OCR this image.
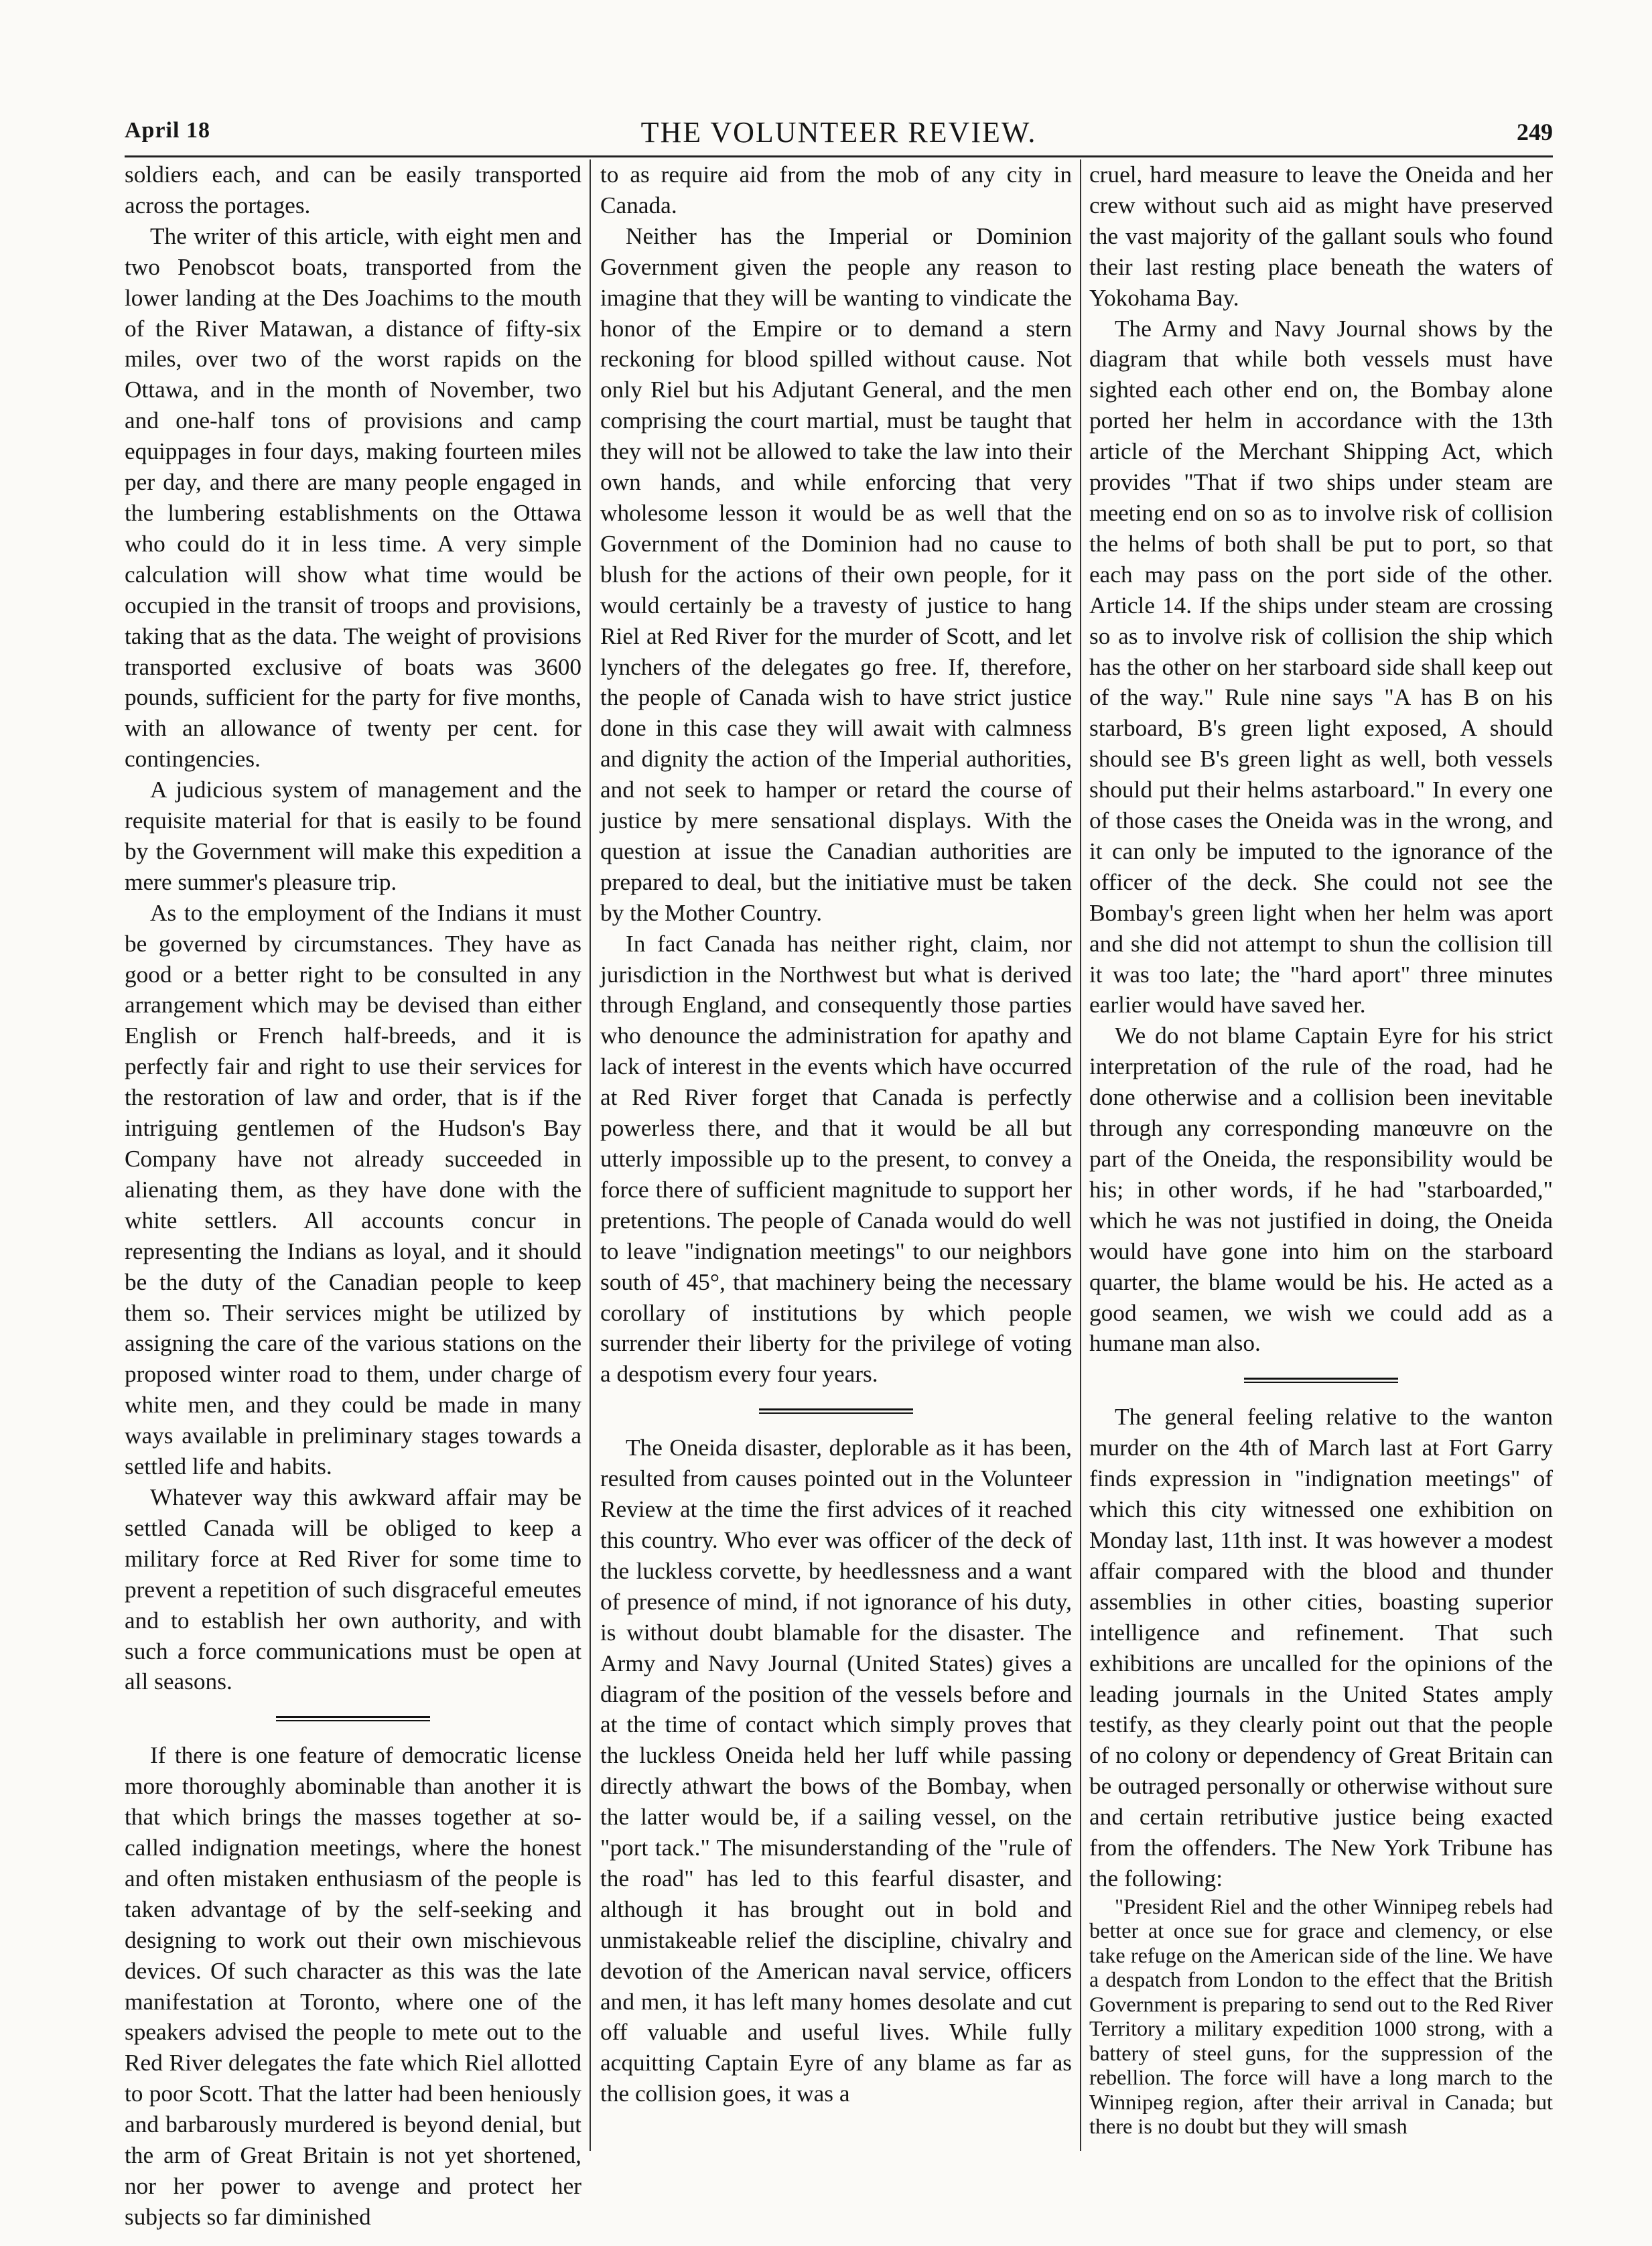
April 18	THE VOLUNTEER REVIEW.	249

soldiers each, and can be easily transported across the portages.

The writer of this article, with eight men and two Penobscot boats, transported from the lower landing at the Des Joachims to the mouth of the River Matawan, a distance of fifty-six miles, over two of the worst rapids on the Ottawa, and in the month of November, two and one-half tons of provisions and camp equippages in four days, making fourteen miles per day, and there are many people engaged in the lumbering establishments on the Ottawa who could do it in less time. A very simple calculation will show what time would be occupied in the transit of troops and provisions, taking that as the data. The weight of provisions transported exclusive of boats was 3600 pounds, sufficient for the party for five months, with an allowance of twenty per cent. for contingencies.

A judicious system of management and the requisite material for that is easily to be found by the Government will make this expedition a mere summer's pleasure trip.

As to the employment of the Indians it must be governed by circumstances. They have as good or a better right to be consulted in any arrangement which may be devised than either English or French half-breeds, and it is perfectly fair and right to use their services for the restoration of law and order, that is if the intriguing gentlemen of the Hudson's Bay Company have not already succeeded in alienating them, as they have done with the white settlers. All accounts concur in representing the Indians as loyal, and it should be the duty of the Canadian people to keep them so. Their services might be utilized by assigning the care of the various stations on the proposed winter road to them, under charge of white men, and they could be made in many ways available in preliminary stages towards a settled life and habits.

Whatever way this awkward affair may be settled Canada will be obliged to keep a military force at Red River for some time to prevent a repetition of such disgraceful emeutes and to establish her own authority, and with such a force communications must be open at all seasons.

If there is one feature of democratic license more thoroughly abominable than another it is that which brings the masses together at so-called indignation meetings, where the honest and often mistaken enthusiasm of the people is taken advantage of by the self-seeking and designing to work out their own mischievous devices. Of such character as this was the late manifestation at Toronto, where one of the speakers advised the people to mete out to the Red River delegates the fate which Riel allotted to poor Scott. That the latter had been heniously and barbarously murdered is beyond denial, but the arm of Great Britain is not yet shortened, nor her power to avenge and protect her subjects so far diminished

to as require aid from the mob of any city in Canada.

Neither has the Imperial or Dominion Government given the people any reason to imagine that they will be wanting to vindicate the honor of the Empire or to demand a stern reckoning for blood spilled without cause. Not only Riel but his Adjutant General, and the men comprising the court martial, must be taught that they will not be allowed to take the law into their own hands, and while enforcing that very wholesome lesson it would be as well that the Government of the Dominion had no cause to blush for the actions of their own people, for it would certainly be a travesty of justice to hang Riel at Red River for the murder of Scott, and let lynchers of the delegates go free. If, therefore, the people of Canada wish to have strict justice done in this case they will await with calmness and dignity the action of the Imperial authorities, and not seek to hamper or retard the course of justice by mere sensational displays. With the question at issue the Canadian authorities are prepared to deal, but the initiative must be taken by the Mother Country.

In fact Canada has neither right, claim, nor jurisdiction in the Northwest but what is derived through England, and consequently those parties who denounce the administration for apathy and lack of interest in the events which have occurred at Red River forget that Canada is perfectly powerless there, and that it would be all but utterly impossible up to the present, to convey a force there of sufficient magnitude to support her pretentions. The people of Canada would do well to leave "indignation meetings" to our neighbors south of 45°, that machinery being the necessary corollary of institutions by which people surrender their liberty for the privilege of voting a despotism every four years.

The Oneida disaster, deplorable as it has been, resulted from causes pointed out in the Volunteer Review at the time the first advices of it reached this country. Who ever was officer of the deck of the luckless corvette, by heedlessness and a want of presence of mind, if not ignorance of his duty, is without doubt blamable for the disaster. The Army and Navy Journal (United States) gives a diagram of the position of the vessels before and at the time of contact which simply proves that the luckless Oneida held her luff while passing directly athwart the bows of the Bombay, when the latter would be, if a sailing vessel, on the "port tack." The misunderstanding of the "rule of the road" has led to this fearful disaster, and although it has brought out in bold and unmistakeable relief the discipline, chivalry and devotion of the American naval service, officers and men, it has left many homes desolate and cut off valuable and useful lives. While fully acquitting Captain Eyre of any blame as far as the collision goes, it was a

cruel, hard measure to leave the Oneida and her crew without such aid as might have preserved the vast majority of the gallant souls who found their last resting place beneath the waters of Yokohama Bay.

The Army and Navy Journal shows by the diagram that while both vessels must have sighted each other end on, the Bombay alone ported her helm in accordance with the 13th article of the Merchant Shipping Act, which provides "That if two ships under steam are meeting end on so as to involve risk of collision the helms of both shall be put to port, so that each may pass on the port side of the other. Article 14. If the ships under steam are crossing so as to involve risk of collision the ship which has the other on her starboard side shall keep out of the way." Rule nine says "A has B on his starboard, B's green light exposed, A should should see B's green light as well, both vessels should put their helms astarboard." In every one of those cases the Oneida was in the wrong, and it can only be imputed to the ignorance of the officer of the deck. She could not see the Bombay's green light when her helm was aport and she did not attempt to shun the collision till it was too late; the "hard aport" three minutes earlier would have saved her.

We do not blame Captain Eyre for his strict interpretation of the rule of the road, had he done otherwise and a collision been inevitable through any corresponding manœuvre on the part of the Oneida, the responsibility would be his; in other words, if he had "starboarded," which he was not justified in doing, the Oneida would have gone into him on the starboard quarter, the blame would be his. He acted as a good seamen, we wish we could add as a humane man also.

The general feeling relative to the wanton murder on the 4th of March last at Fort Garry finds expression in "indignation meetings" of which this city witnessed one exhibition on Monday last, 11th inst. It was however a modest affair compared with the blood and thunder assemblies in other cities, boasting superior intelligence and refinement. That such exhibitions are uncalled for the opinions of the leading journals in the United States amply testify, as they clearly point out that the people of no colony or dependency of Great Britain can be outraged personally or otherwise without sure and certain retributive justice being exacted from the offenders. The New York Tribune has the following:

"President Riel and the other Winnipeg rebels had better at once sue for grace and clemency, or else take refuge on the American side of the line. We have a despatch from London to the effect that the British Government is preparing to send out to the Red River Territory a military expedition 1000 strong, with a battery of steel guns, for the suppression of the rebellion. The force will have a long march to the Winnipeg region, after their arrival in Canada; but there is no doubt but they will smash
